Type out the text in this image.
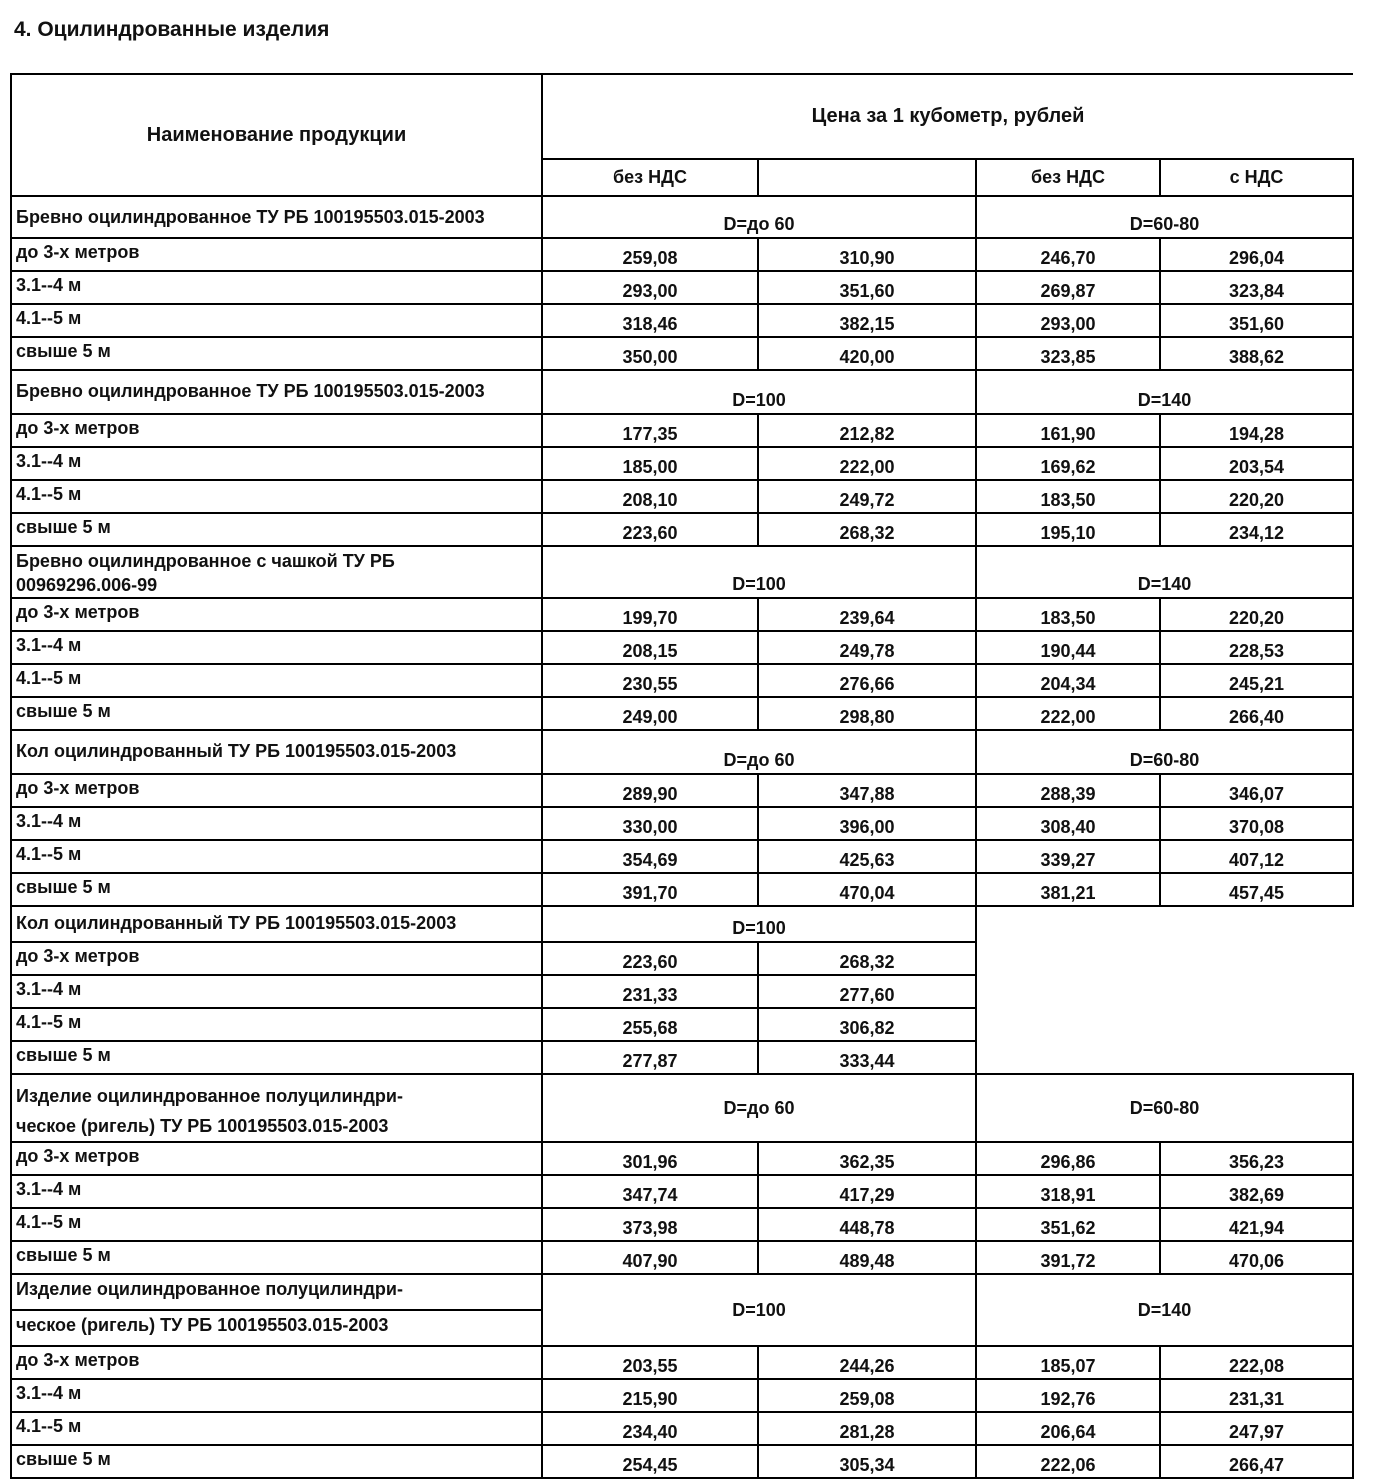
4. Оцилиндрованные изделия
Наименование продукции	Цена за 1 кубометр, рублей			
	без НДС		без НДС	с НДС
Бревно оцилиндрованное ТУ РБ 100195503.015-2003	D=до 60		D=60-80	
до 3-х метров	259,08	310,90	246,70	296,04
3.1--4 м	293,00	351,60	269,87	323,84
4.1--5 м	318,46	382,15	293,00	351,60
свыше 5 м	350,00	420,00	323,85	388,62
Бревно оцилиндрованное ТУ РБ 100195503.015-2003	D=100		D=140	
до 3-х метров	177,35	212,82	161,90	194,28
3.1--4 м	185,00	222,00	169,62	203,54
4.1--5 м	208,10	249,72	183,50	220,20
свыше 5 м	223,60	268,32	195,10	234,12
Бревно оцилиндрованное с чашкой ТУ РБ
00969296.006-99	D=100		D=140	
до 3-х метров	199,70	239,64	183,50	220,20
3.1--4 м	208,15	249,78	190,44	228,53
4.1--5 м	230,55	276,66	204,34	245,21
свыше 5 м	249,00	298,80	222,00	266,40
Кол оцилиндрованный ТУ РБ 100195503.015-2003	D=до 60		D=60-80	
до 3-х метров	289,90	347,88	288,39	346,07
3.1--4 м	330,00	396,00	308,40	370,08
4.1--5 м	354,69	425,63	339,27	407,12
свыше 5 м	391,70	470,04	381,21	457,45
Кол оцилиндрованный ТУ РБ 100195503.015-2003	D=100			
до 3-х метров	223,60	268,32		
3.1--4 м	231,33	277,60		
4.1--5 м	255,68	306,82		
свыше 5 м	277,87	333,44		
Изделие оцилиндрованное полуцилиндри-
ческое (ригель) ТУ РБ 100195503.015-2003	D=до 60		D=60-80	
до 3-х метров	301,96	362,35	296,86	356,23
3.1--4 м	347,74	417,29	318,91	382,69
4.1--5 м	373,98	448,78	351,62	421,94
свыше 5 м	407,90	489,48	391,72	470,06
Изделие оцилиндрованное полуцилиндри-	D=100		D=140	
ческое (ригель) ТУ РБ 100195503.015-2003				
до 3-х метров	203,55	244,26	185,07	222,08
3.1--4 м	215,90	259,08	192,76	231,31
4.1--5 м	234,40	281,28	206,64	247,97
свыше 5 м	254,45	305,34	222,06	266,47
